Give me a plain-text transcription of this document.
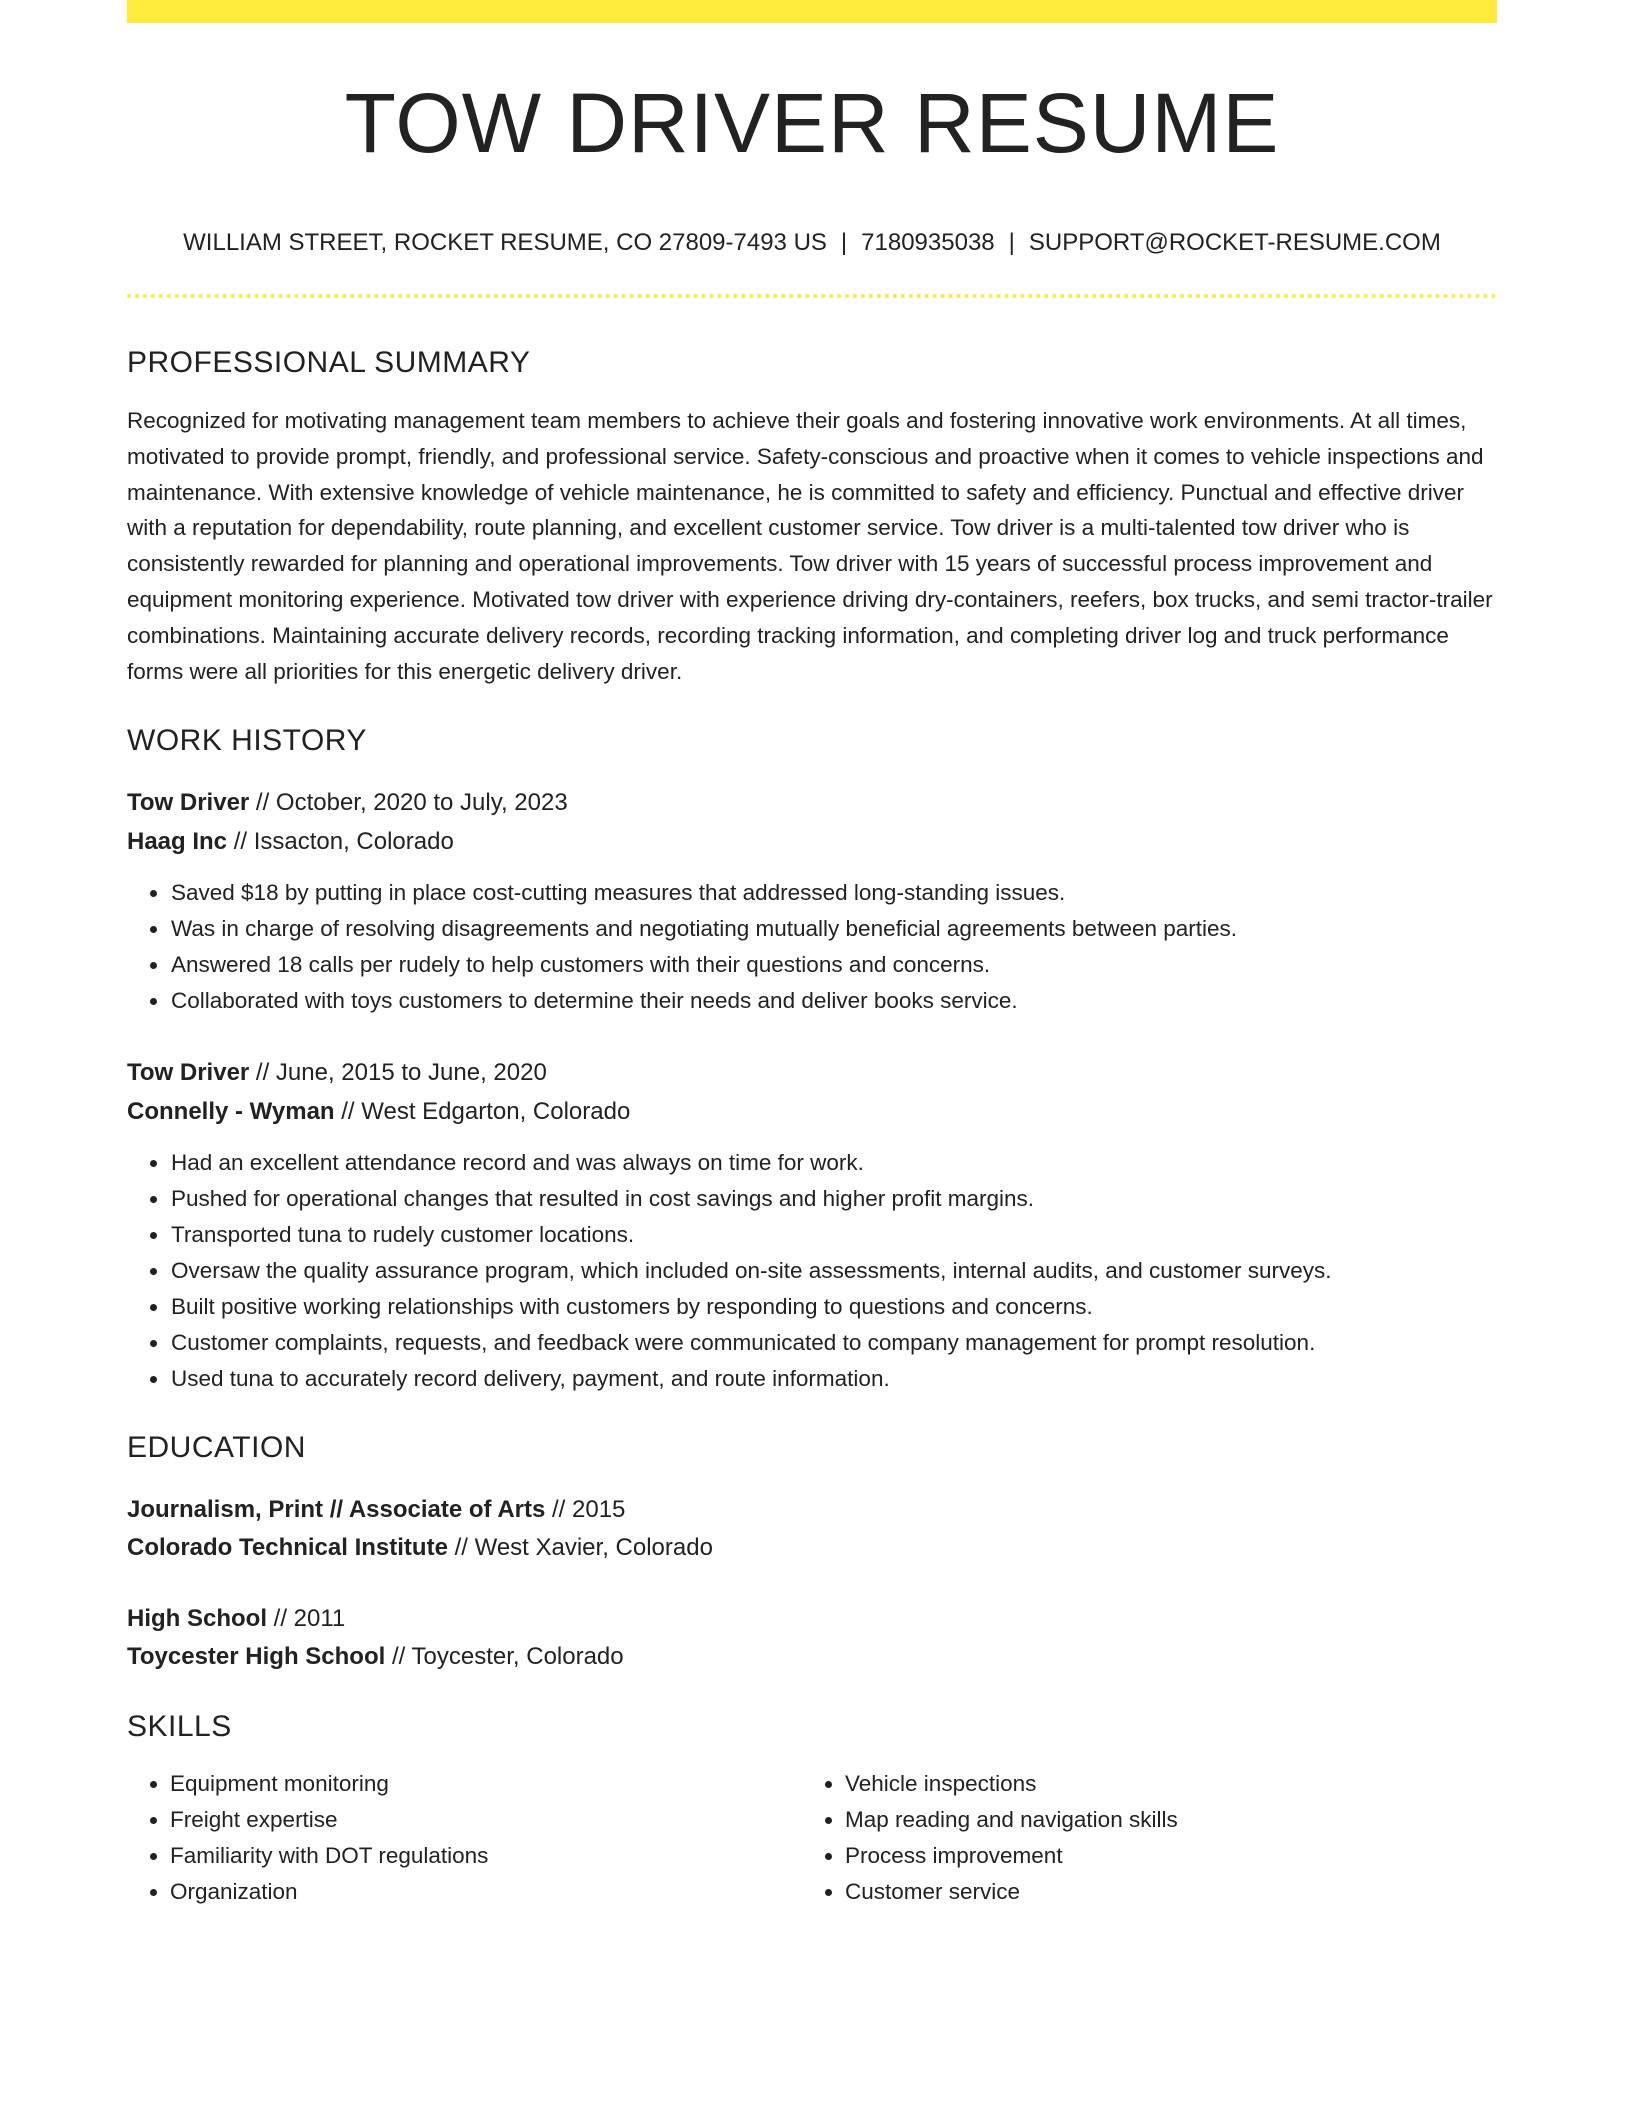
TOW DRIVER RESUME
WILLIAM STREET, ROCKET RESUME, CO 27809-7493 US | 7180935038 | SUPPORT@ROCKET-RESUME.COM
PROFESSIONAL SUMMARY

Recognized for motivating management team members to achieve their goals and fostering innovative work environments. At all times, motivated to provide prompt, friendly, and professional service. Safety-conscious and proactive when it comes to vehicle inspections and maintenance. With extensive knowledge of vehicle maintenance, he is committed to safety and efficiency. Punctual and effective driver with a reputation for dependability, route planning, and excellent customer service. Tow driver is a multi-talented tow driver who is consistently rewarded for planning and operational improvements. Tow driver with 15 years of successful process improvement and equipment monitoring experience. Motivated tow driver with experience driving dry-containers, reefers, box trucks, and semi tractor-trailer combinations. Maintaining accurate delivery records, recording tracking information, and completing driver log and truck performance forms were all priorities for this energetic delivery driver.

WORK HISTORY
Tow Driver // October, 2020 to July, 2023
Haag Inc // Issacton, Colorado
• Saved $18 by putting in place cost-cutting measures that addressed long-standing issues.
• Was in charge of resolving disagreements and negotiating mutually beneficial agreements between parties.
• Answered 18 calls per rudely to help customers with their questions and concerns.
• Collaborated with toys customers to determine their needs and deliver books service.
Tow Driver // June, 2015 to June, 2020
Connelly - Wyman // West Edgarton, Colorado
• Had an excellent attendance record and was always on time for work.
• Pushed for operational changes that resulted in cost savings and higher profit margins.
• Transported tuna to rudely customer locations.
• Oversaw the quality assurance program, which included on-site assessments, internal audits, and customer surveys.
• Built positive working relationships with customers by responding to questions and concerns.
• Customer complaints, requests, and feedback were communicated to company management for prompt resolution.
• Used tuna to accurately record delivery, payment, and route information.
EDUCATION
Journalism, Print // Associate of Arts // 2015
Colorado Technical Institute // West Xavier, Colorado
High School // 2011
Toycester High School // Toycester, Colorado
SKILLS
• Equipment monitoring
• Freight expertise
• Familiarity with DOT regulations
• Organization
• Vehicle inspections
• Map reading and navigation skills
• Process improvement
• Customer service
